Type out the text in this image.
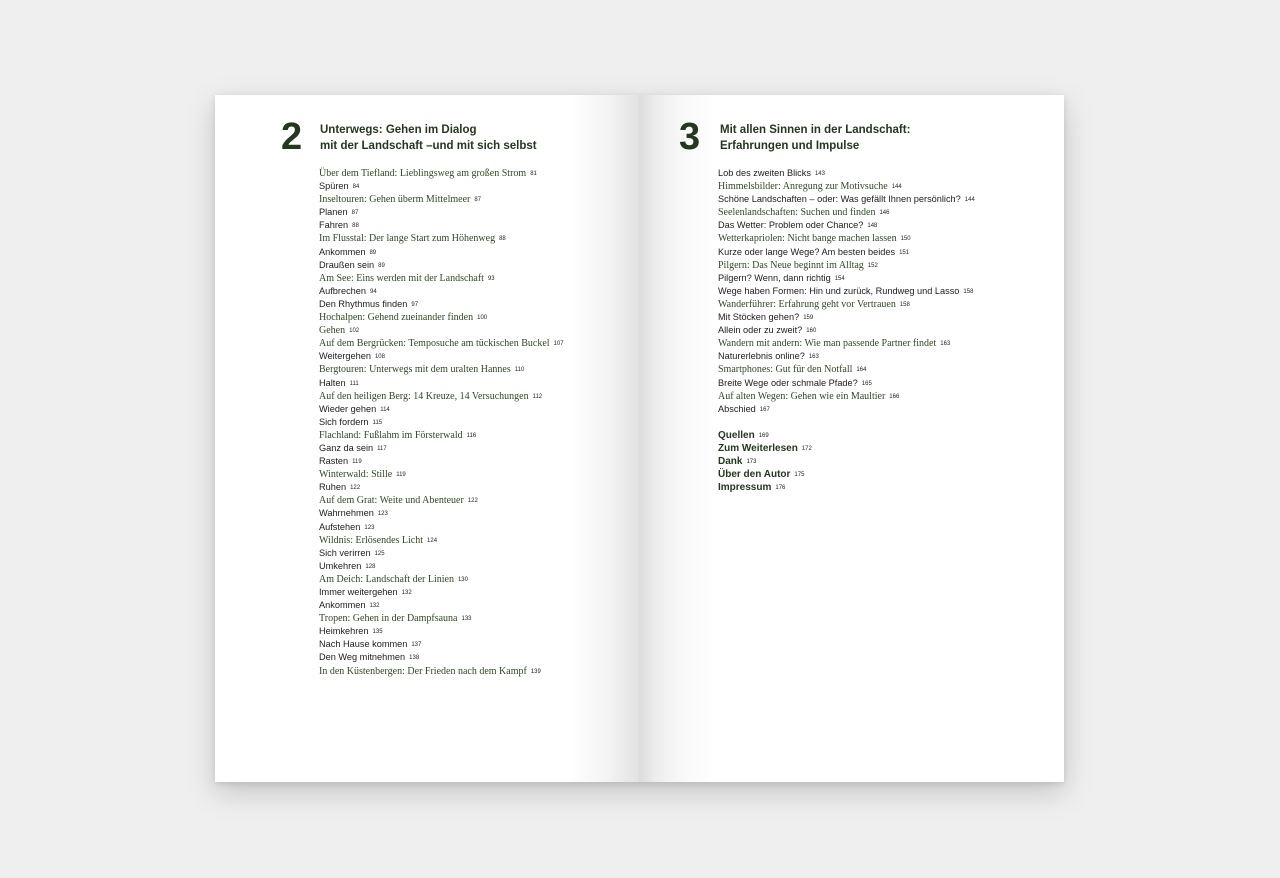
2 Unterwegs: Gehen im Dialog
mit der Landschaft –und mit sich selbst
Über dem Tiefland: Lieblingsweg am großen Strom 81
Spüren 84
Inseltouren: Gehen überm Mittelmeer 87
Planen 87
Fahren 88
Im Flusstal: Der lange Start zum Höhenweg 88
Ankommen 89
Draußen sein 89
Am See: Eins werden mit der Landschaft 93
Aufbrechen 94
Den Rhythmus finden 97
Hochalpen: Gehend zueinander finden 100
Gehen 102
Auf dem Bergrücken: Temposuche am tückischen Buckel 107
Weitergehen 108
Bergtouren: Unterwegs mit dem uralten Hannes 110
Halten 111
Auf den heiligen Berg: 14 Kreuze, 14 Versuchungen 112
Wieder gehen 114
Sich fordern 115
Flachland: Fußlahm im Försterwald 116
Ganz da sein 117
Rasten 119
Winterwald: Stille 119
Ruhen 122
Auf dem Grat: Weite und Abenteuer 122
Wahrnehmen 123
Aufstehen 123
Wildnis: Erlösendes Licht 124
Sich verirren 125
Umkehren 128
Am Deich: Landschaft der Linien 130
Immer weitergehen 132
Ankommen 132
Tropen: Gehen in der Dampfsauna 133
Heimkehren 135
Nach Hause kommen 137
Den Weg mitnehmen 138
In den Küstenbergen: Der Frieden nach dem Kampf 139
3 Mit allen Sinnen in der Landschaft:
Erfahrungen und Impulse
Lob des zweiten Blicks 143
Himmelsbilder: Anregung zur Motivsuche 144
Schöne Landschaften – oder: Was gefällt Ihnen persönlich? 144
Seelenlandschaften: Suchen und finden 146
Das Wetter: Problem oder Chance? 148
Wetterkapriolen: Nicht bange machen lassen 150
Kurze oder lange Wege? Am besten beides 151
Pilgern: Das Neue beginnt im Alltag 152
Pilgern? Wenn, dann richtig 154
Wege haben Formen: Hin und zurück, Rundweg und Lasso 158
Wanderführer: Erfahrung geht vor Vertrauen 158
Mit Stöcken gehen? 159
Allein oder zu zweit? 160
Wandern mit andern: Wie man passende Partner findet 163
Naturerlebnis online? 163
Smartphones: Gut für den Notfall 164
Breite Wege oder schmale Pfade? 165
Auf alten Wegen: Gehen wie ein Maultier 166
Abschied 167
Quellen 169
Zum Weiterlesen 172
Dank 173
Über den Autor 175
Impressum 176
